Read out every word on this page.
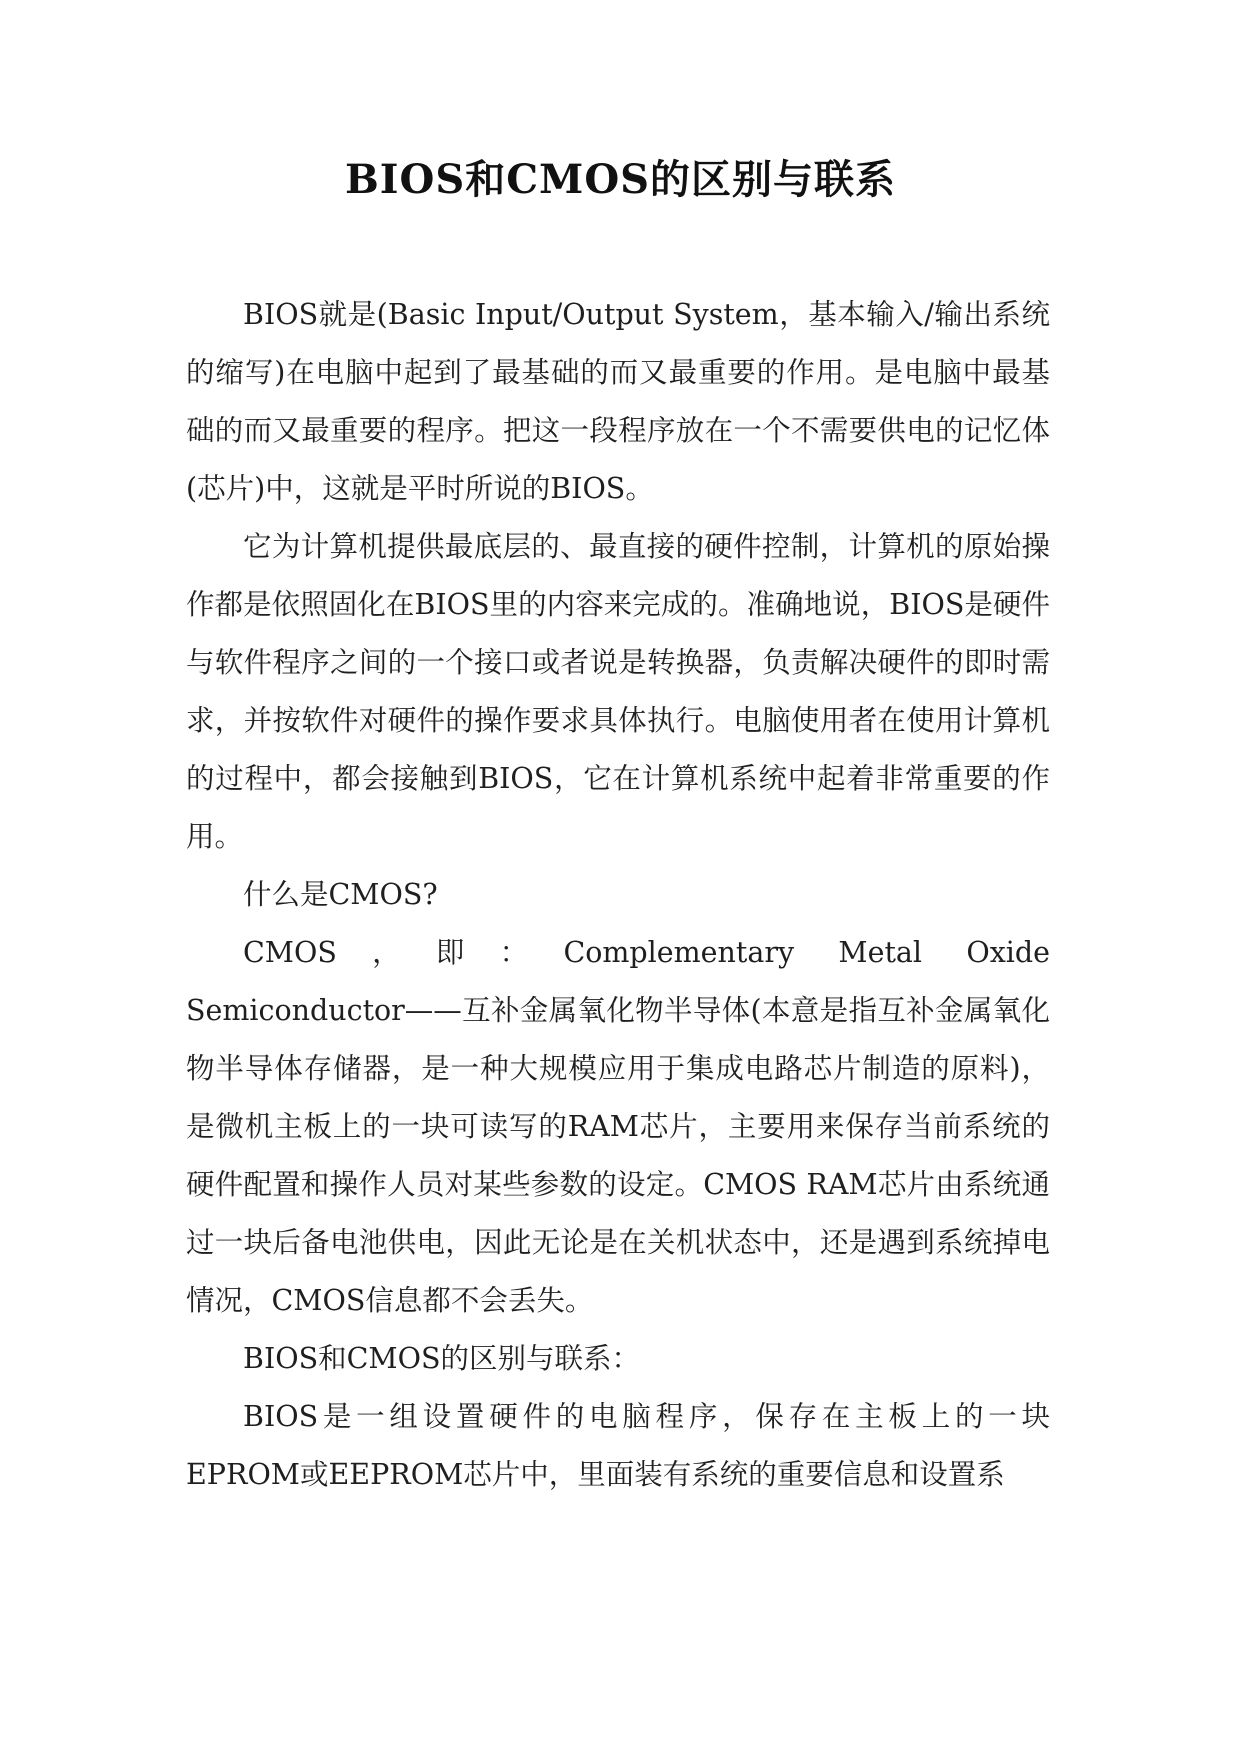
BIOS和CMOS的区别与联系

BIOS就是(Basic Input/Output System，基本输入/输出系统的缩写)在电脑中起到了最基础的而又最重要的作用。是电脑中最基础的而又最重要的程序。把这一段程序放在一个不需要供电的记忆体(芯片)中，这就是平时所说的BIOS。

它为计算机提供最底层的、最直接的硬件控制，计算机的原始操作都是依照固化在BIOS里的内容来完成的。准确地说，BIOS是硬件与软件程序之间的一个接口或者说是转换器，负责解决硬件的即时需求，并按软件对硬件的操作要求具体执行。电脑使用者在使用计算机的过程中，都会接触到BIOS，它在计算机系统中起着非常重要的作用。

什么是CMOS?

CMOS，即：Complementary Metal Oxide Semiconductor——互补金属氧化物半导体(本意是指互补金属氧化物半导体存储器，是一种大规模应用于集成电路芯片制造的原料)，是微机主板上的一块可读写的RAM芯片，主要用来保存当前系统的硬件配置和操作人员对某些参数的设定。CMOS RAM芯片由系统通过一块后备电池供电，因此无论是在关机状态中，还是遇到系统掉电情况，CMOS信息都不会丢失。

BIOS和CMOS的区别与联系：

BIOS是一组设置硬件的电脑程序，保存在主板上的一块EPROM或EEPROM芯片中，里面装有系统的重要信息和设置系
